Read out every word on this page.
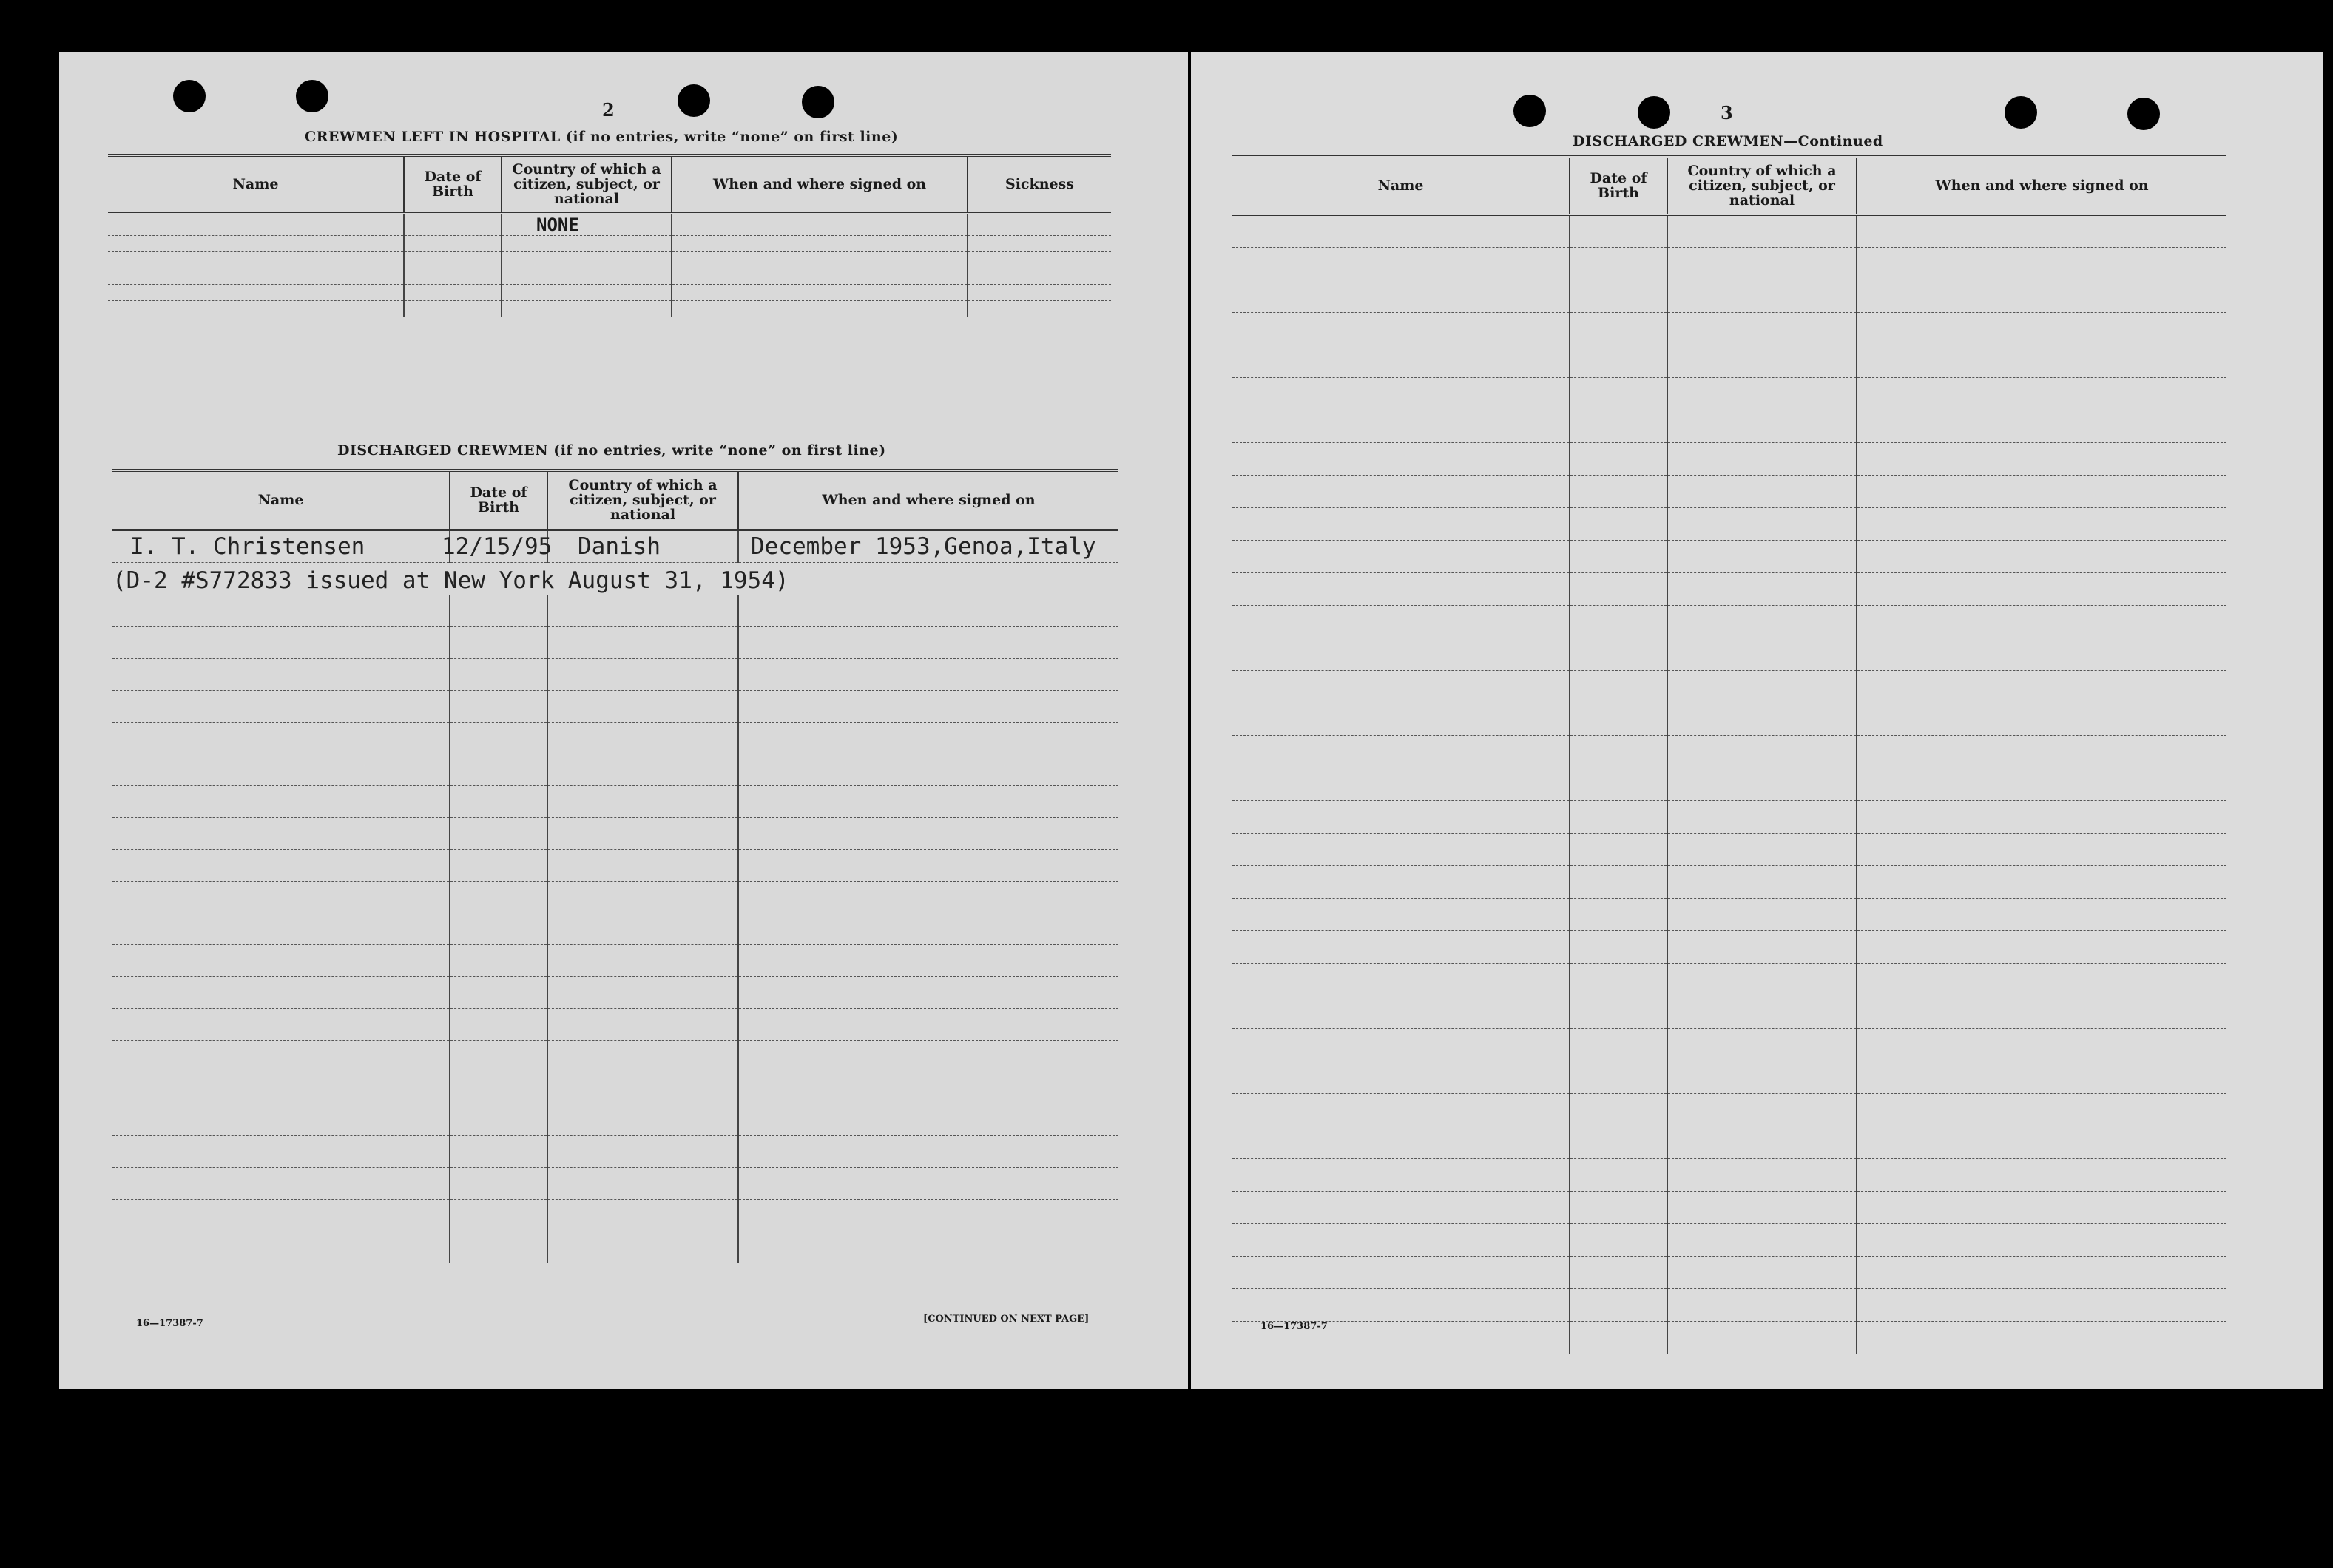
2
CREWMEN LEFT IN HOSPITAL (if no entries, write “none” on first line)
Name	Date of Birth	Country of which a citizen, subject, or national	When and where signed on	Sickness
		NONE		

DISCHARGED CREWMEN (if no entries, write “none” on first line)
Name	Date of Birth	Country of which a citizen, subject, or national	When and where signed on
I. T. Christensen	12/15/95	Danish	December 1953,Genoa,Italy

(D-2 #S772833 issued at New York August 31, 1954)			

16—17387-7	[CONTINUED ON NEXT PAGE]
3
DISCHARGED CREWMEN—Continued
Name	Date of Birth	Country of which a citizen, subject, or national	When and where signed on

16—17387-7
